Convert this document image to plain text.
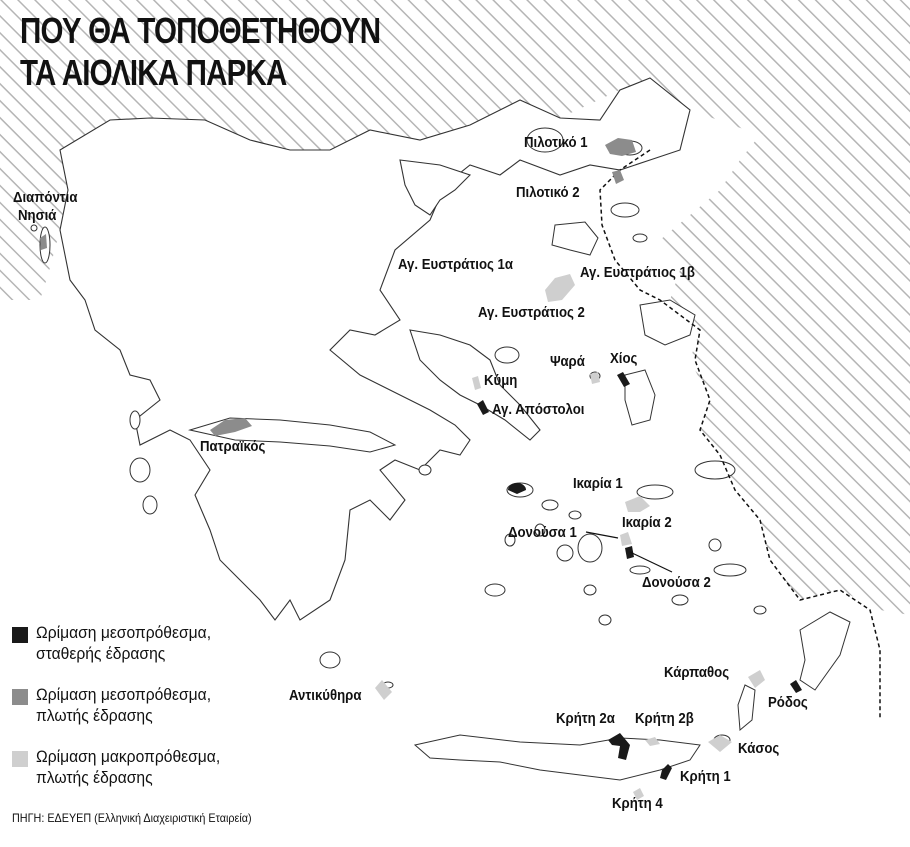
ΠΟΥ ΘΑ ΤΟΠΟΘΕΤΗΘΟΥΝ
ΤΑ ΑΙΟΛΙΚΑ ΠΑΡΚΑ
Πιλοτικό 1
Πιλοτικό 2
Διαπόντια
Νησιά
Αγ. Ευστράτιος 1α	Αγ. Ευστράτιος 1β
Αγ. Ευστράτιος 2
Ψαρά Χίος
Κύμη
Αγ. Απόστολοι
Πατραϊκός
Ικαρία 1
Ικαρία 2
Δονούσα 1
Δονούσα 2
Κάρπαθος
Ρόδος
Αντικύθηρα
Κρήτη 2α Κρήτη 2β
Κάσος
Κρήτη 1
Κρήτη 4
Ωρίμαση μεσοπρόθεσμα,
σταθερής έδρασης
Ωρίμαση μεσοπρόθεσμα,
πλωτής έδρασης
Ωρίμαση μακροπρόθεσμα,
πλωτής έδρασης
ΠΗΓΗ: ΕΔΕΥΕΠ (Ελληνική Διαχειριστική Εταιρεία)
